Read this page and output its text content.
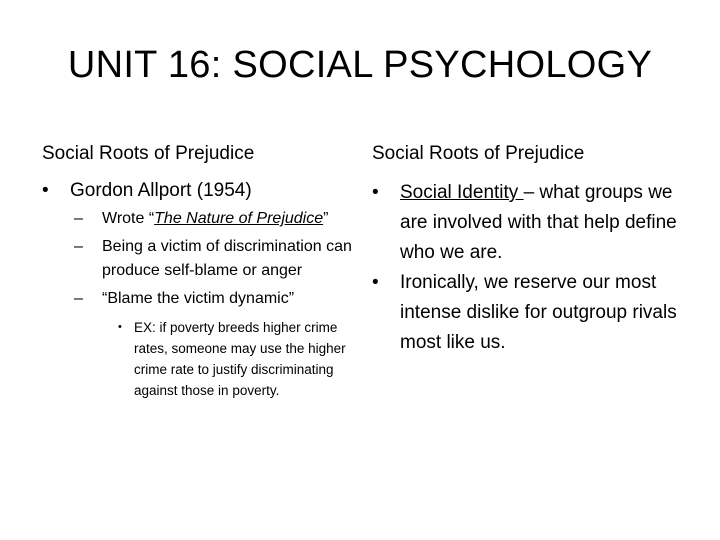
UNIT 16: SOCIAL PSYCHOLOGY
Social Roots of Prejudice
• Gordon Allport (1954)
– Wrote “The Nature of Prejudice”
– Being a victim of discrimination can produce self-blame or anger
– “Blame the victim dynamic”
• EX: if poverty breeds higher crime rates, someone may use the higher crime rate to justify discriminating against those in poverty.
Social Roots of Prejudice
• Social Identity – what groups we are involved with that help define who we are.
• Ironically, we reserve our most intense dislike for outgroup rivals most like us.
